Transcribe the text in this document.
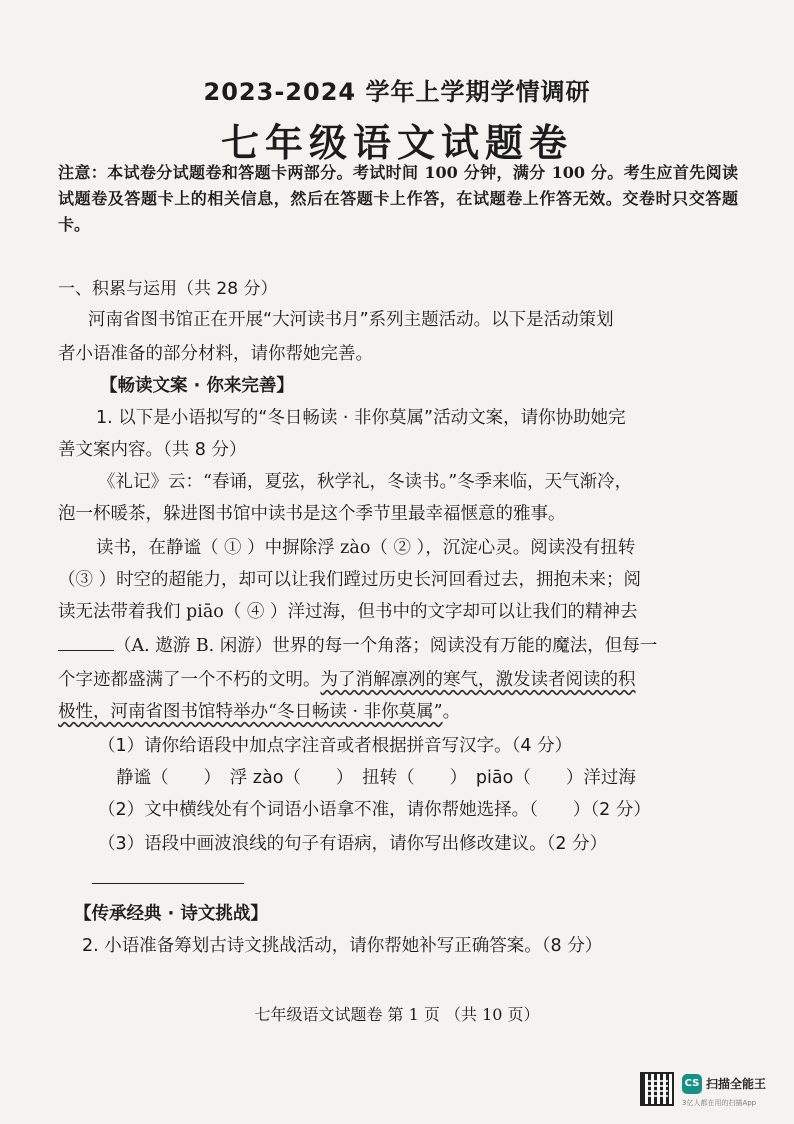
2023-2024 学年上学期学情调研
七年级语文试题卷
注意：本试卷分试题卷和答题卡两部分。考试时间 100 分钟，满分 100 分。考生应首先阅读试题卷及答题卡上的相关信息，然后在答题卡上作答，在试题卷上作答无效。交卷时只交答题卡。
一、积累与运用（共 28 分）
河南省图书馆正在开展“大河读书月”系列主题活动。以下是活动策划
者小语准备的部分材料，请你帮她完善。
【畅读文案 · 你来完善】
1. 以下是小语拟写的“冬日畅读 · 非你莫属”活动文案，请你协助她完
善文案内容。（共 8 分）
《礼记》云：“春诵，夏弦，秋学礼，冬读书。”冬季来临，天气渐冷，
泡一杯暖茶，躲进图书馆中读书是这个季节里最幸福惬意的雅事。
读书，在静谧（ ① ）中摒除浮 zào（ ② ），沉淀心灵。阅读没有扭转
（③ ）时空的超能力，却可以让我们蹚过历史长河回看过去，拥抱未来；阅
读无法带着我们 piāo（ ④ ）洋过海，但书中的文字却可以让我们的精神去
（A. 遨游 B. 闲游）世界的每一个角落；阅读没有万能的魔法，但每一
个字迹都盛满了一个不朽的文明。为了消解凛冽的寒气，激发读者阅读的积
极性，河南省图书馆特举办“冬日畅读 · 非你莫属”。
（1）请你给语段中加点字注音或者根据拼音写汉字。（4 分）
静谧（　　）　浮 zào（　　）　扭转（　　）　piāo（　　）洋过海
（2）文中横线处有个词语小语拿不准，请你帮她选择。（　　）（2 分）
（3）语段中画波浪线的句子有语病，请你写出修改建议。（2 分）
【传承经典 · 诗文挑战】
2. 小语准备筹划古诗文挑战活动，请你帮她补写正确答案。（8 分）
七年级语文试题卷 第 1 页 （共 10 页）
CS 扫描全能王
3亿人都在用的扫描App
